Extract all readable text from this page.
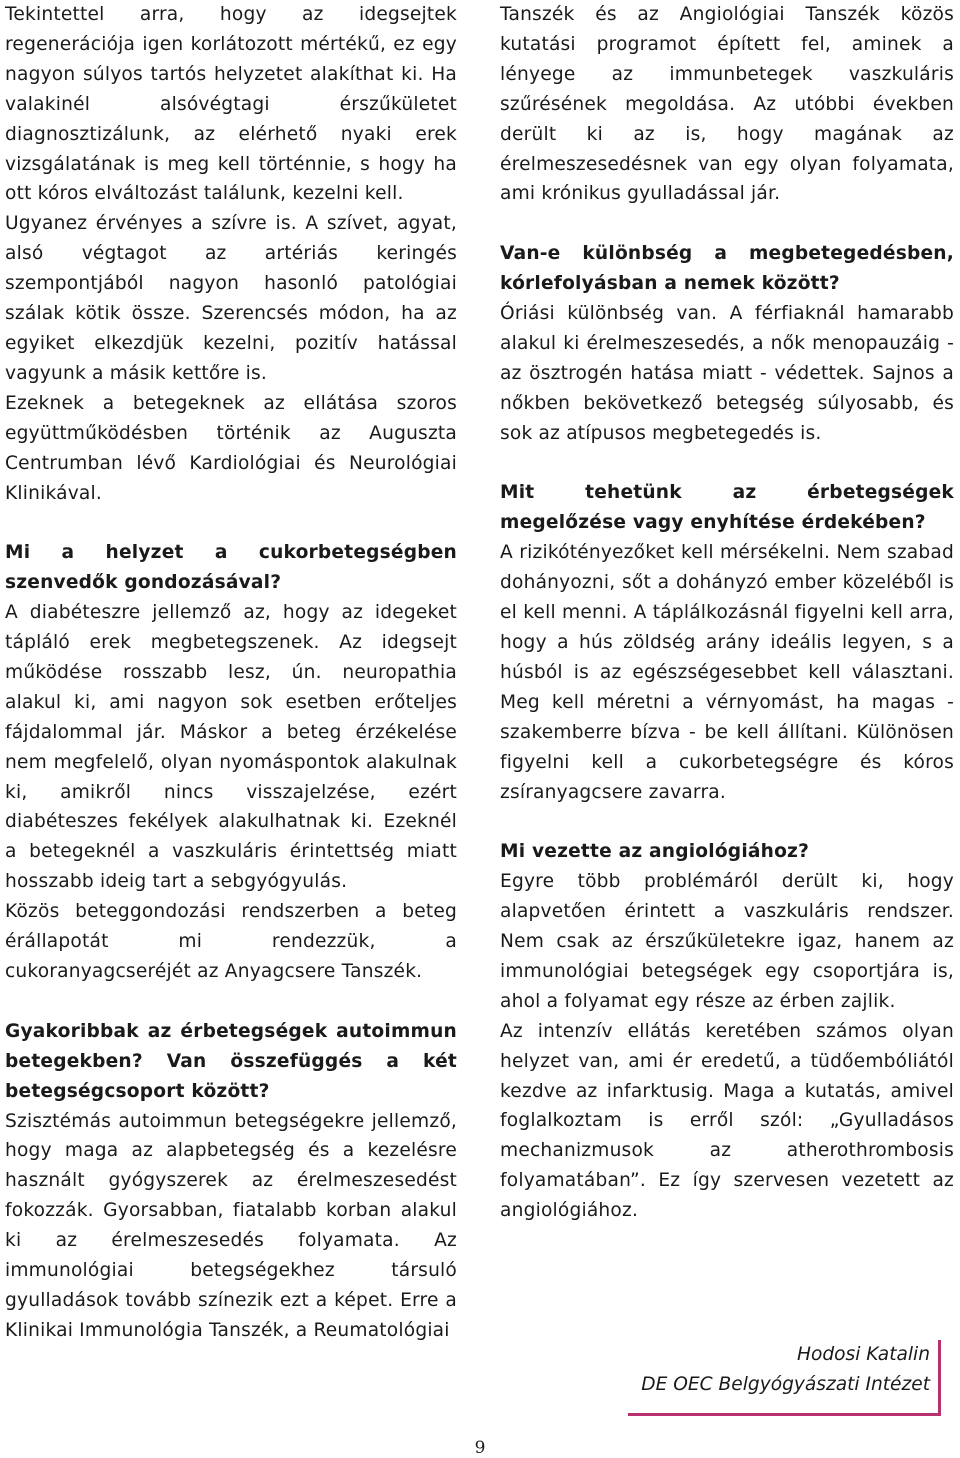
Tekintettel arra, hogy az idegsejtek regenerációja igen korlátozott mértékű, ez egy nagyon súlyos tartós helyzetet alakíthat ki. Ha valakinél alsóvégtagi érszűkületet diagnosztizálunk, az elérhető nyaki erek vizsgálatának is meg kell történnie, s hogy ha ott kóros elváltozást találunk, kezelni kell.

Ugyanez érvényes a szívre is. A szívet, agyat, alsó végtagot az artériás keringés szempontjából nagyon hasonló patológiai szálak kötik össze. Szerencsés módon, ha az egyiket elkezdjük kezelni, pozitív hatással vagyunk a másik kettőre is.

Ezeknek a betegeknek az ellátása szoros együttműködésben történik az Auguszta Centrumban lévő Kardiológiai és Neurológiai Klinikával.

Mi a helyzet a cukorbetegségben szenvedők gondozásával?

A diabéteszre jellemző az, hogy az idegeket tápláló erek megbetegszenek. Az idegsejt működése rosszabb lesz, ún. neuropathia alakul ki, ami nagyon sok esetben erőteljes fájdalommal jár. Máskor a beteg érzékelése nem megfelelő, olyan nyomáspontok alakulnak ki, amikről nincs visszajelzése, ezért diabéteszes fekélyek alakulhatnak ki. Ezeknél a betegeknél a vaszkuláris érintettség miatt hosszabb ideig tart a sebgyógyulás.

Közös beteggondozási rendszerben a beteg érállapotát mi rendezzük, a cukoranyagcseréjét az Anyagcsere Tanszék.

Gyakoribbak az érbetegségek autoimmun betegekben? Van összefüggés a két betegségcsoport között?

Szisztémás autoimmun betegségekre jellemző, hogy maga az alapbetegség és a kezelésre használt gyógyszerek az érelmeszesedést fokozzák. Gyorsabban, fiatalabb korban alakul ki az érelmeszesedés folyamata. Az immunológiai betegségekhez társuló gyulladások tovább színezik ezt a képet. Erre a Klinikai Immunológia Tanszék, a Reumatológiai

Tanszék és az Angiológiai Tanszék közös kutatási programot épített fel, aminek a lényege az immunbetegek vaszkuláris szűrésének megoldása. Az utóbbi években derült ki az is, hogy magának az érelmeszesedésnek van egy olyan folyamata, ami krónikus gyulladással jár.

Van-e különbség a megbetegedésben, kórlefolyásban a nemek között?

Óriási különbség van. A férfiaknál hamarabb alakul ki érelmeszesedés, a nők menopauzáig - az ösztrogén hatása miatt - védettek. Sajnos a nőkben bekövetkező betegség súlyosabb, és sok az atípusos megbetegedés is.

Mit tehetünk az érbetegségek megelőzése vagy enyhítése érdekében?

A rizikótényezőket kell mérsékelni. Nem szabad dohányozni, sőt a dohányzó ember közeléből is el kell menni. A táplálkozásnál figyelni kell arra, hogy a hús zöldség arány ideális legyen, s a húsból is az egészségesebbet kell választani. Meg kell méretni a vérnyomást, ha magas - szakemberre bízva - be kell állítani. Különösen figyelni kell a cukorbetegségre és kóros zsíranyagcsere zavarra.

Mi vezette az angiológiához?

Egyre több problémáról derült ki, hogy alapvetően érintett a vaszkuláris rendszer. Nem csak az érszűkületekre igaz, hanem az immunológiai betegségek egy csoportjára is, ahol a folyamat egy része az érben zajlik.

Az intenzív ellátás keretében számos olyan helyzet van, ami ér eredetű, a tüdőembóliától kezdve az infarktusig. Maga a kutatás, amivel foglalkoztam is erről szól: „Gyulladásos mechanizmusok az atherothrombosis folyamatában”. Ez így szervesen vezetett az angiológiához.

Hodosi Katalin
DE OEC Belgyógyászati Intézet
9
